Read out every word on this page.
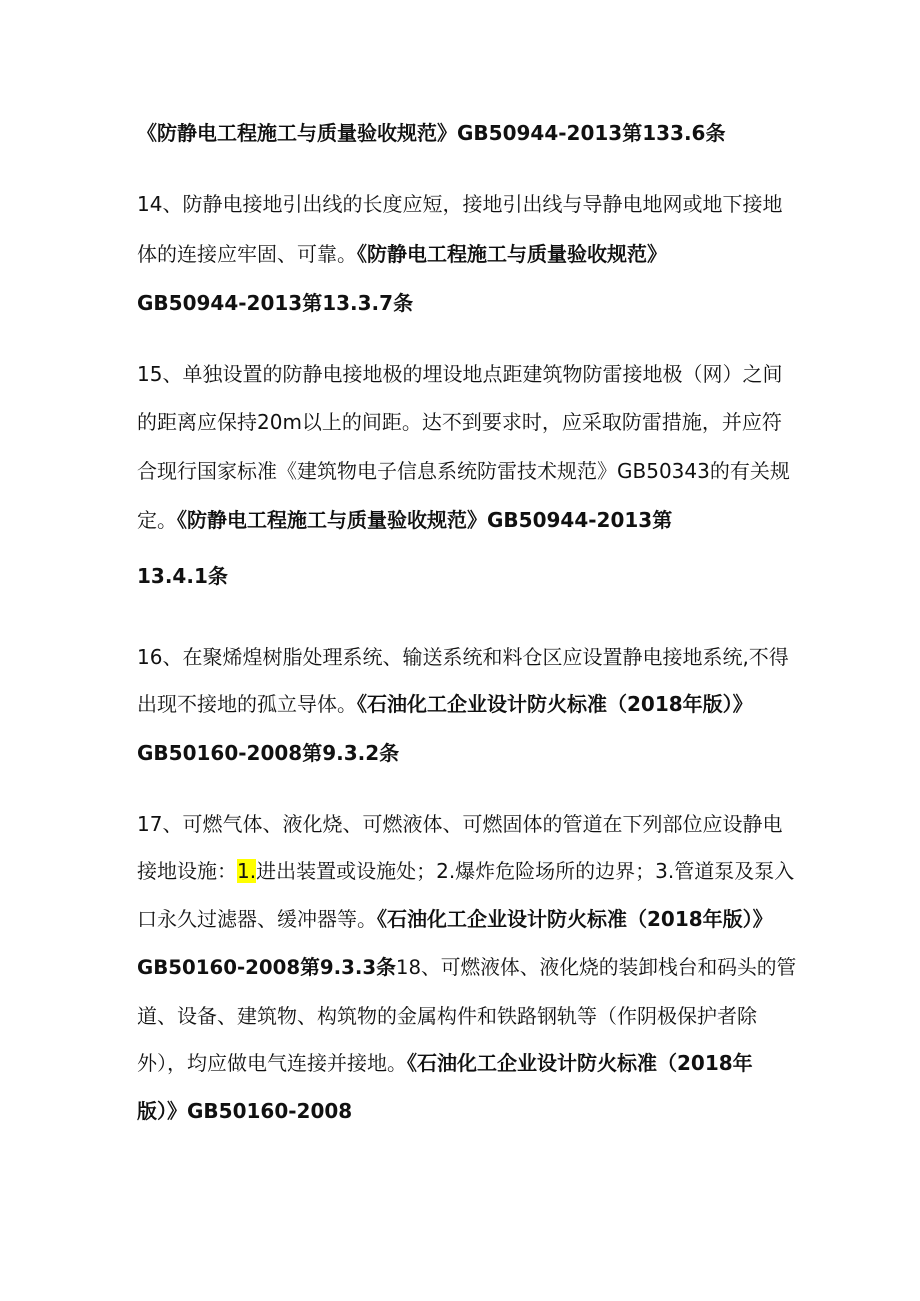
《防静电工程施工与质量验收规范》GB50944-2013第133.6条
14、防静电接地引出线的长度应短，接地引出线与导静电地网或地下接地
体的连接应牢固、可靠。《防静电工程施工与质量验收规范》
GB50944-2013第13.3.7条
15、单独设置的防静电接地极的埋设地点距建筑物防雷接地极（网）之间
的距离应保持20m以上的间距。达不到要求时，应采取防雷措施，并应符
合现行国家标准《建筑物电子信息系统防雷技术规范》GB50343的有关规
定。《防静电工程施工与质量验收规范》GB50944-2013第
13.4.1条
16、在聚烯煌树脂处理系统、输送系统和料仓区应设置静电接地系统,不得
出现不接地的孤立导体。《石油化工企业设计防火标准（2018年版）》
GB50160-2008第9.3.2条
17、可燃气体、液化烧、可燃液体、可燃固体的管道在下列部位应设静电
接地设施：1.进出装置或设施处；2.爆炸危险场所的边界；3.管道泵及泵入
口永久过滤器、缓冲器等。《石油化工企业设计防火标准（2018年版）》
GB50160-2008第9.3.3条18、可燃液体、液化烧的装卸栈台和码头的管
道、设备、建筑物、构筑物的金属构件和铁路钢轨等（作阴极保护者除
外），均应做电气连接并接地。《石油化工企业设计防火标准（2018年
版）》GB50160-2008
